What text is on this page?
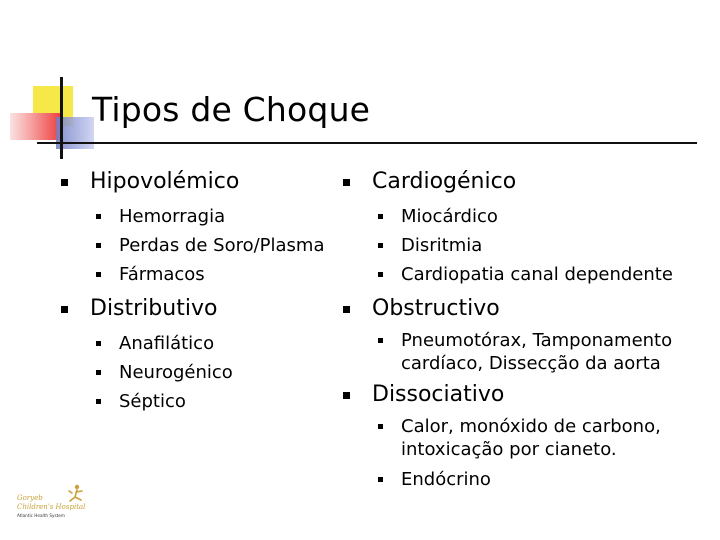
Tipos de Choque
Hipovolémico
Hemorragia
Perdas de Soro/Plasma
Fármacos
Distributivo
Anafilático
Neurogénico
Séptico
Cardiogénico
Miocárdico
Disritmia
Cardiopatia canal dependente
Obstructivo
Pneumotórax, Tamponamento cardíaco, Dissecção da aorta
Dissociativo
Calor, monóxido de carbono, intoxicação por cianeto.
Endócrino
Goryeb
Children's Hospital
Atlantic Health System
